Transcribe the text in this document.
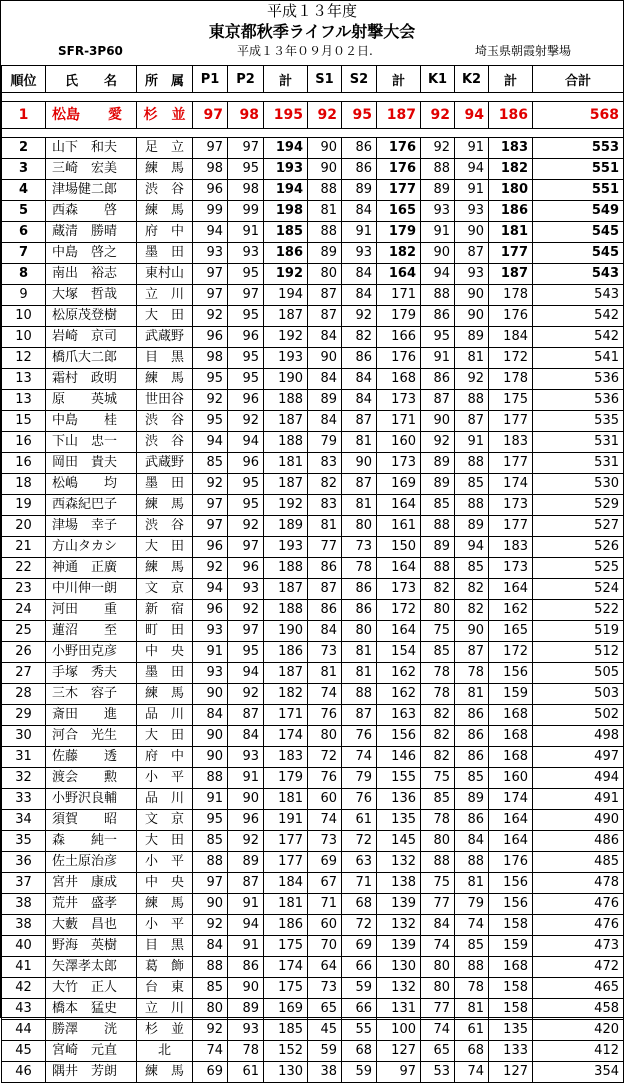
平成１３年度
東京都秋季ライフル射撃大会
SFR-3P60	平成１３年０９月０２日.	埼玉県朝霞射撃場
順位	氏　　名	所　属	P1	P2	計	S1	S2	計	K1	K2	計	合計

1	松島　　愛	杉　並	97	98	195	92	95	187	92	94	186	568

2	山下　和夫	足　立	97	97	194	90	86	176	92	91	183	553
3	三崎　宏美	練　馬	98	95	193	90	86	176	88	94	182	551
4	津場健二郎	渋　谷	96	98	194	88	89	177	89	91	180	551
5	西森　　啓	練　馬	99	99	198	81	84	165	93	93	186	549
6	蔵清　勝晴	府　中	94	91	185	88	91	179	91	90	181	545
7	中島　啓之	墨　田	93	93	186	89	93	182	90	87	177	545
8	南出　裕志	東村山	97	95	192	80	84	164	94	93	187	543
9	大塚　哲哉	立　川	97	97	194	87	84	171	88	90	178	543
10	松原茂登樹	大　田	92	95	187	87	92	179	86	90	176	542
10	岩崎　京司	武蔵野	96	96	192	84	82	166	95	89	184	542
12	橋爪大二郎	目　黒	98	95	193	90	86	176	91	81	172	541
13	霜村　政明	練　馬	95	95	190	84	84	168	86	92	178	536
13	原　　英城	世田谷	92	96	188	89	84	173	87	88	175	536
15	中島　　桂	渋　谷	95	92	187	84	87	171	90	87	177	535
16	下山　忠一	渋　谷	94	94	188	79	81	160	92	91	183	531
16	岡田　貴夫	武蔵野	85	96	181	83	90	173	89	88	177	531
18	松嶋　　均	墨　田	92	95	187	82	87	169	89	85	174	530
19	西森紀巴子	練　馬	97	95	192	83	81	164	85	88	173	529
20	津場　幸子	渋　谷	97	92	189	81	80	161	88	89	177	527
21	方山タカシ	大　田	96	97	193	77	73	150	89	94	183	526
22	神通　正廣	練　馬	92	96	188	86	78	164	88	85	173	525
23	中川伸一朗	文　京	94	93	187	87	86	173	82	82	164	524
24	河田　　重	新　宿	96	92	188	86	86	172	80	82	162	522
25	蓮沼　　至	町　田	93	97	190	84	80	164	75	90	165	519
26	小野田克彦	中　央	91	95	186	73	81	154	85	87	172	512
27	手塚　秀夫	墨　田	93	94	187	81	81	162	78	78	156	505
28	三木　容子	練　馬	90	92	182	74	88	162	78	81	159	503
29	斎田　　進	品　川	84	87	171	76	87	163	82	86	168	502
30	河合　光生	大　田	90	84	174	80	76	156	82	86	168	498
31	佐藤　　透	府　中	90	93	183	72	74	146	82	86	168	497
32	渡会　　勲	小　平	88	91	179	76	79	155	75	85	160	494
33	小野沢良輔	品　川	91	90	181	60	76	136	85	89	174	491
34	須賀　　昭	文　京	95	96	191	74	61	135	78	86	164	490
35	森　　純一	大　田	85	92	177	73	72	145	80	84	164	486
36	佐土原治彦	小　平	88	89	177	69	63	132	88	88	176	485
37	宮井　康成	中　央	97	87	184	67	71	138	75	81	156	478
38	荒井　盛孝	練　馬	90	91	181	71	68	139	77	79	156	476
38	大藪　昌也	小　平	92	94	186	60	72	132	84	74	158	476
40	野海　英樹	目　黒	84	91	175	70	69	139	74	85	159	473
41	矢澤孝太郎	葛　飾	88	86	174	64	66	130	80	88	168	472
42	大竹　正人	台　東	85	90	175	73	59	132	80	78	158	465
43	橋本　猛史	立　川	80	89	169	65	66	131	77	81	158	458
44	勝澤　　洸	杉　並	92	93	185	45	55	100	74	61	135	420
45	宮崎　元直	北	74	78	152	59	68	127	65	68	133	412
46	隅井　芳朗	練　馬	69	61	130	38	59	97	53	74	127	354
